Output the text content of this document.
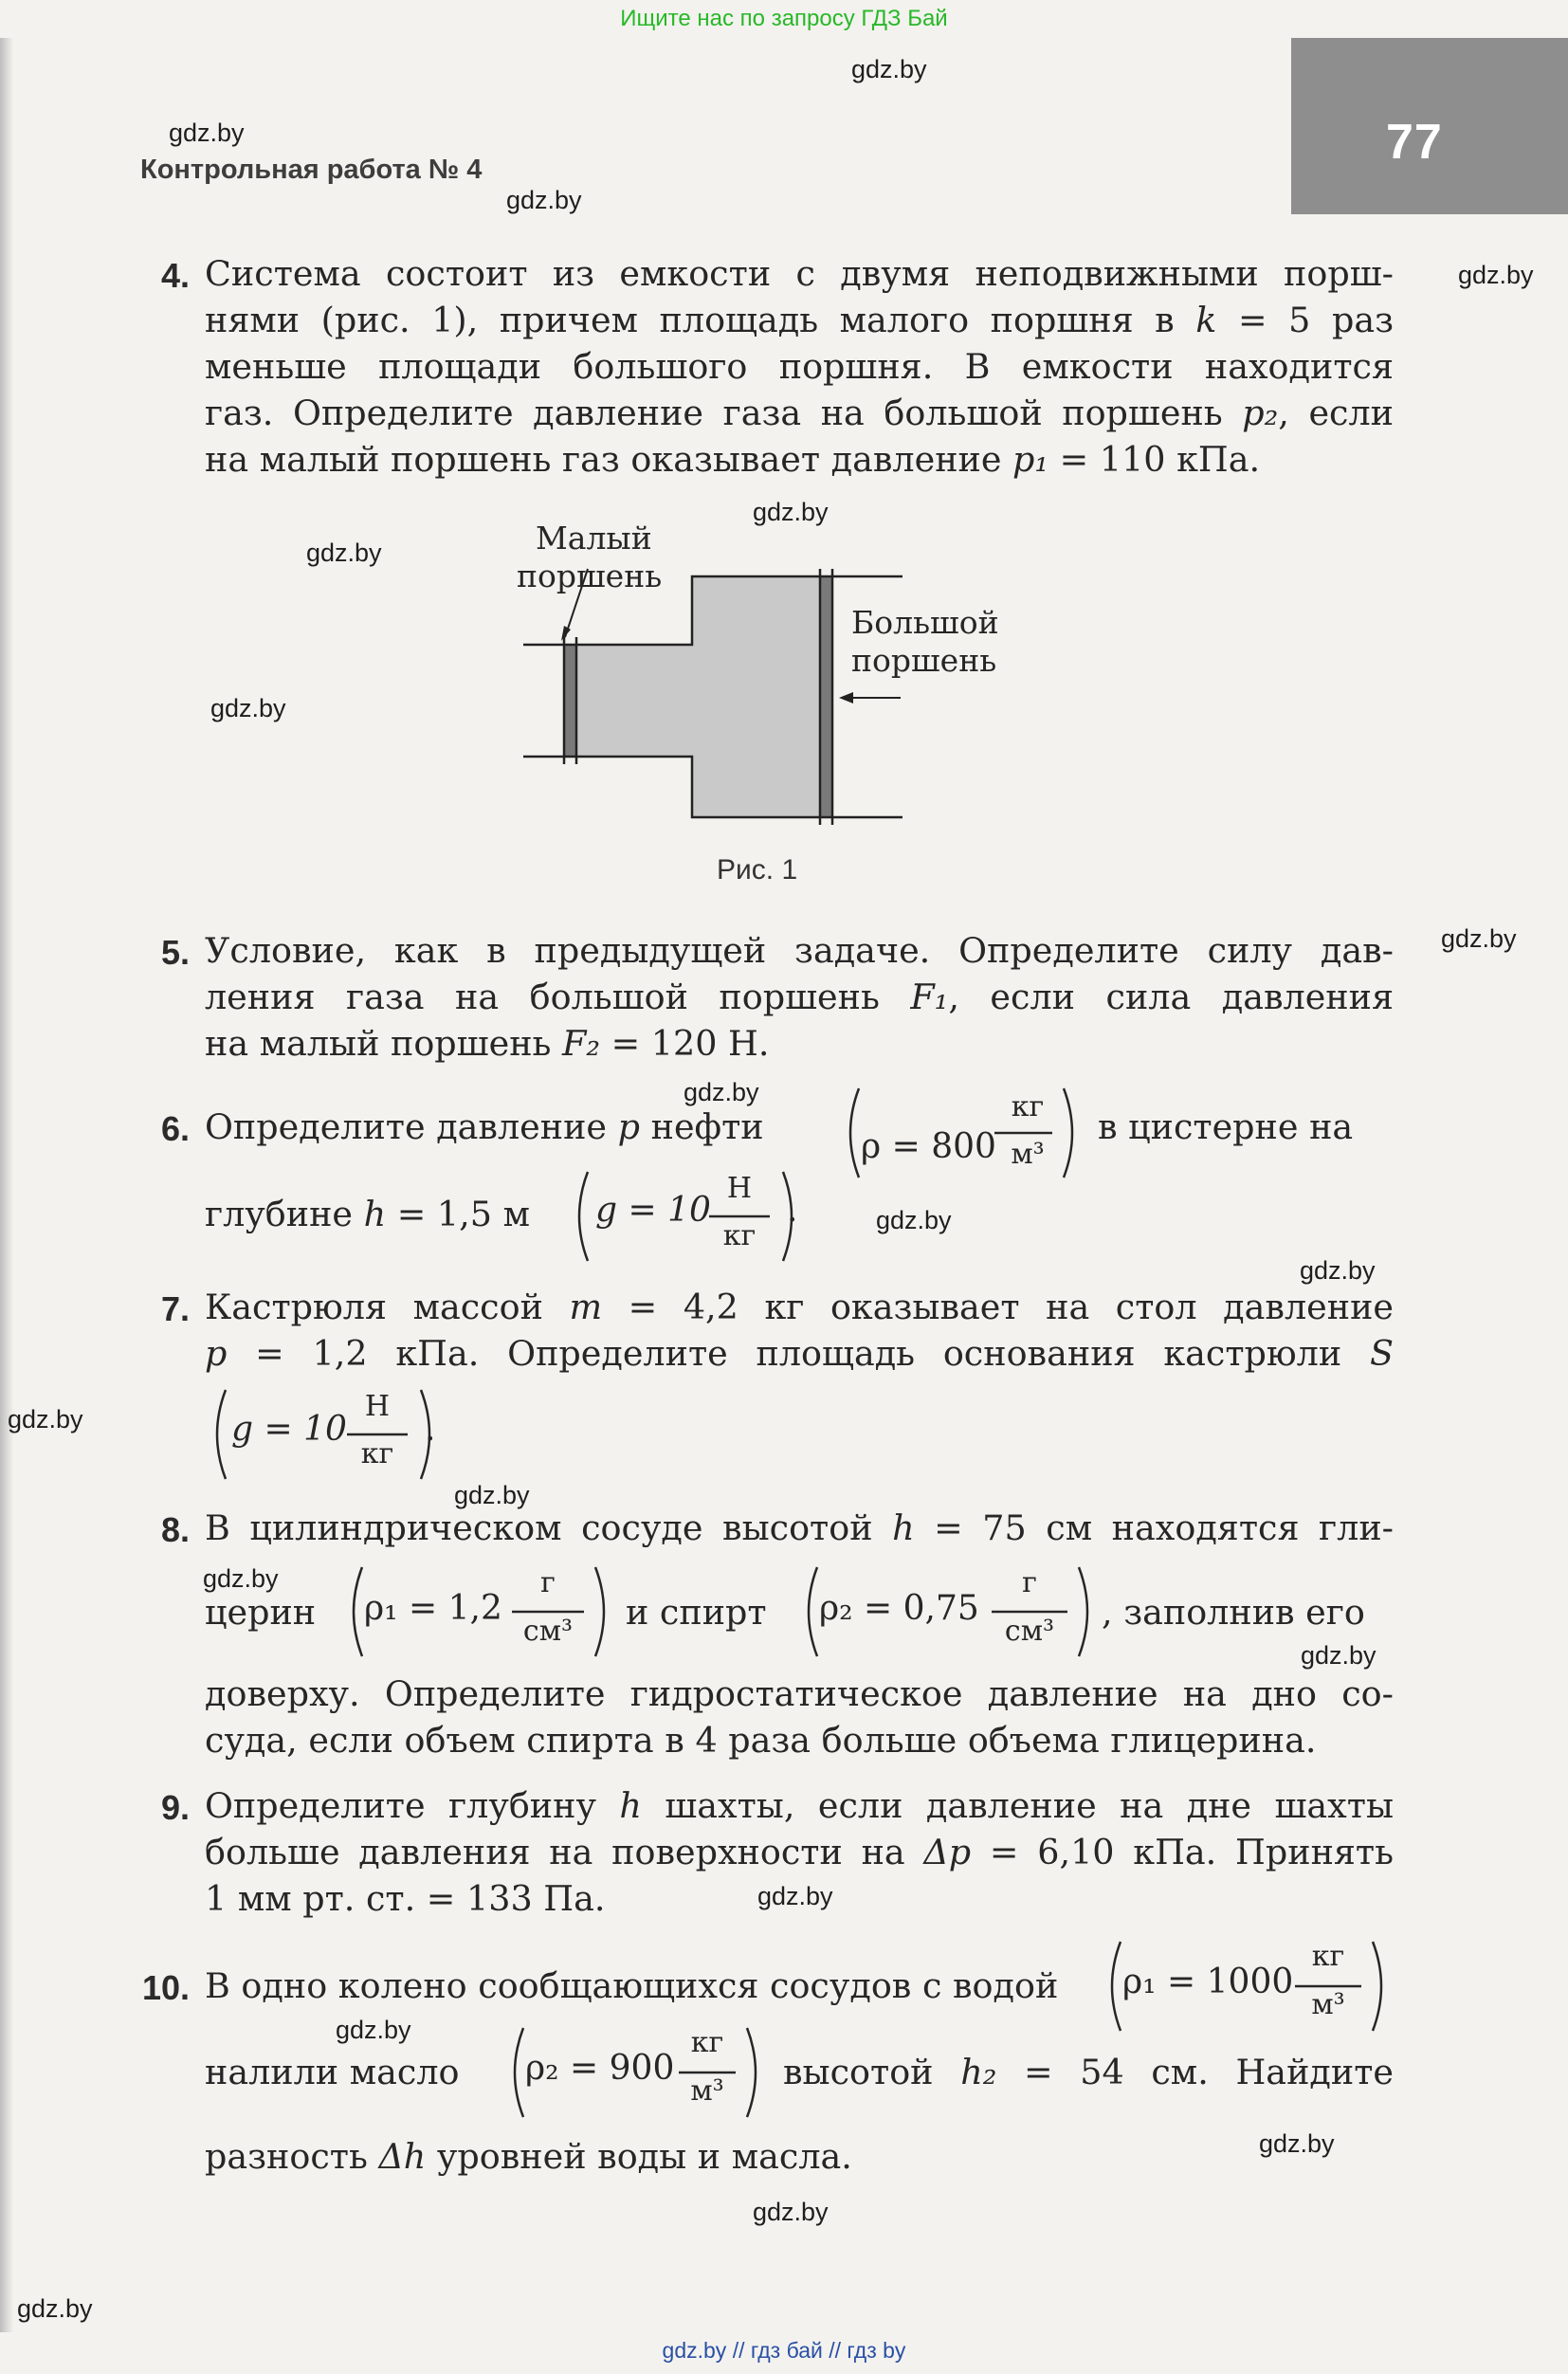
Ищите нас по запросу ГДЗ Бай
gdz.by // гдз бай // гдз by
77
Контрольная работа № 4
gdz.by
gdz.by
gdz.by
gdz.by
gdz.by
gdz.by
gdz.by
gdz.by
gdz.by
gdz.by
gdz.by
gdz.by
gdz.by
gdz.by
gdz.by
gdz.by
gdz.by
gdz.by
gdz.by
gdz.by
4. Система состоит из емкости с двумя неподвижными порш-
нями (рис. 1), причем площадь малого поршня в k = 5 раз
меньше площади большого поршня. В емкости находится
газ. Определите давление газа на большой поршень p₂, если
на малый поршень газ оказывает давление p₁ = 110 кПа.
Малый
поршень
Большой
поршень
Рис. 1
5. Условие, как в предыдущей задаче. Определите силу дав-
ления газа на большой поршень F₁, если сила давления
на малый поршень F₂ = 120 Н.
6. Определите давление p нефти	ρ = 800
кг
м³
в цистерне на
глубине h = 1,5 м g = 10
Н
кг
.
7. Кастрюля массой m = 4,2 кг оказывает на стол давление
p = 1,2 кПа. Определите площадь основания кастрюли S
g = 10
Н
кг
.
8. В цилиндрическом сосуде высотой h = 75 см находятся гли-
церин ρ₁ = 1,2
г
см³	и спирт ρ₂ = 0,75
г
см³	, заполнив его
доверху. Определите гидростатическое давление на дно со-
суда, если объем спирта в 4 раза больше объема глицерина.
9. Определите глубину h шахты, если давление на дне шахты
больше давления на поверхности на Δp = 6,10 кПа. Принять
1 мм рт. ст. = 133 Па.
10. В одно колено сообщающихся сосудов с водой ρ₁ = 1000
кг
м³
налили масло ρ₂ = 900
кг
м³	высотой h₂ = 54 см. Найдите
разность Δh уровней воды и масла.
